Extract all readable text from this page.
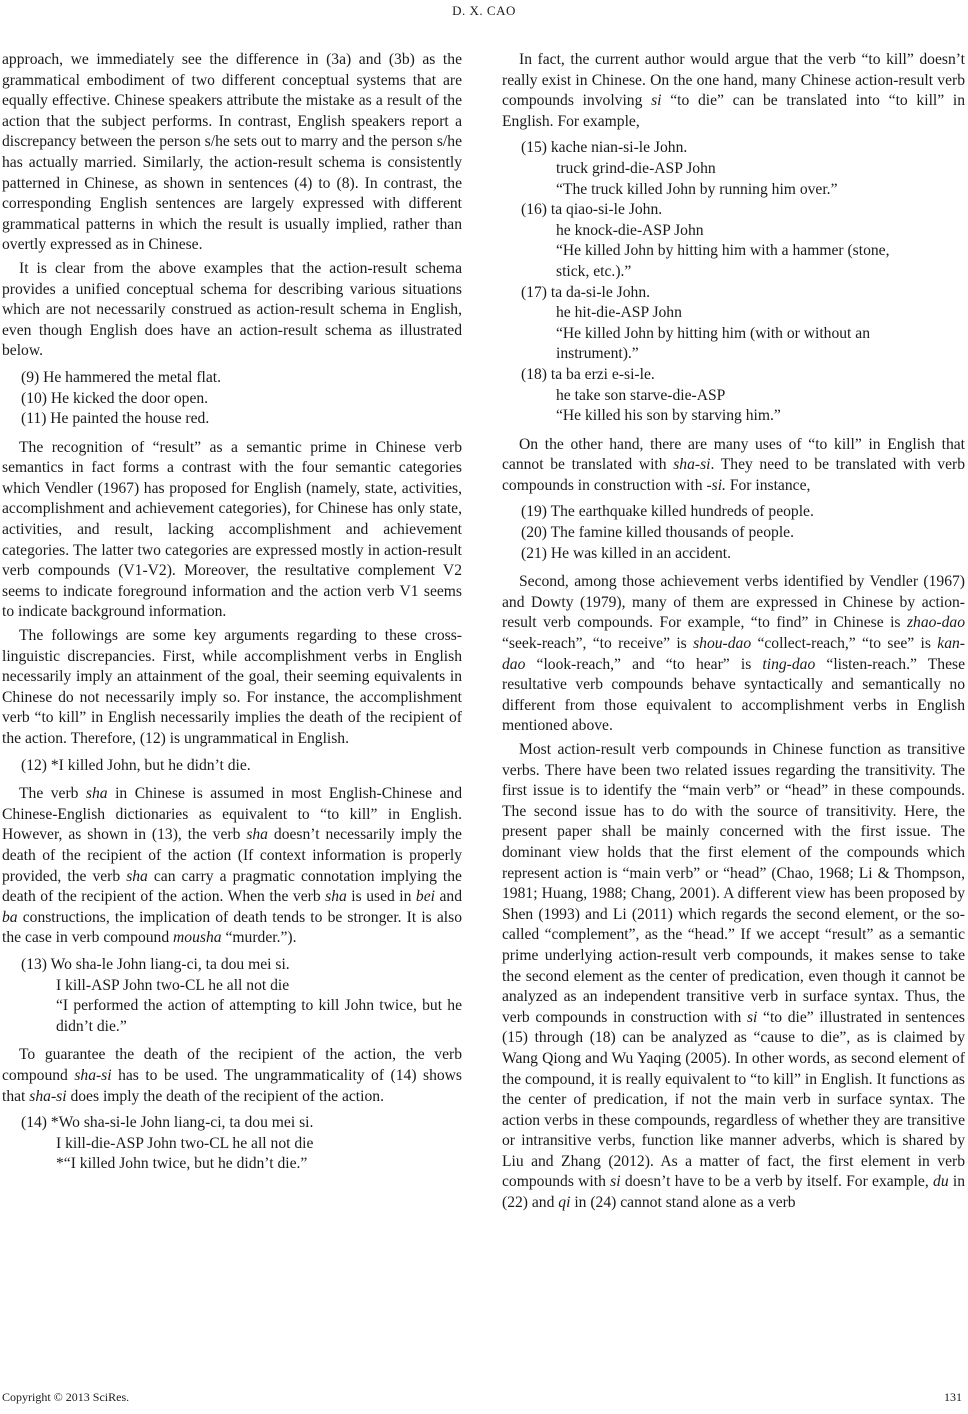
D. X. CAO

approach, we immediately see the difference in (3a) and (3b) as the grammatical embodiment of two different conceptual systems that are equally effective. Chinese speakers attribute the mistake as a result of the action that the subject performs. In contrast, English speakers report a discrepancy between the person s/he sets out to marry and the person s/he has actually married. Similarly, the action-result schema is consistently patterned in Chinese, as shown in sentences (4) to (8). In contrast, the corresponding English sentences are largely expressed with different grammatical patterns in which the result is usually implied, rather than overtly expressed as in Chinese.

It is clear from the above examples that the action-result schema provides a unified conceptual schema for describing various situations which are not necessarily construed as action-result schema in English, even though English does have an action-result schema as illustrated below.

(9) He hammered the metal flat.

(10) He kicked the door open.

(11) He painted the house red.

The recognition of “result” as a semantic prime in Chinese verb semantics in fact forms a contrast with the four semantic categories which Vendler (1967) has proposed for English (namely, state, activities, accomplishment and achievement categories), for Chinese has only state, activities, and result, lacking accomplishment and achievement categories. The latter two categories are expressed mostly in action-result verb compounds (V1-V2). Moreover, the resultative complement V2 seems to indicate foreground information and the action verb V1 seems to indicate background information.

The followings are some key arguments regarding to these cross-linguistic discrepancies. First, while accomplishment verbs in English necessarily imply an attainment of the goal, their seeming equivalents in Chinese do not necessarily imply so. For instance, the accomplishment verb “to kill” in English necessarily implies the death of the recipient of the action. Therefore, (12) is ungrammatical in English.

(12) *I killed John, but he didn’t die.

The verb sha in Chinese is assumed in most English-Chinese and Chinese-English dictionaries as equivalent to “to kill” in English. However, as shown in (13), the verb sha doesn’t necessarily imply the death of the recipient of the action (If context information is properly provided, the verb sha can carry a pragmatic connotation implying the death of the recipient of the action. When the verb sha is used in bei and ba constructions, the implication of death tends to be stronger. It is also the case in verb compound mousha “murder.”).

(13) Wo sha-le John liang-ci, ta dou mei si.

I kill-ASP John two-CL he all not die

“I performed the action of attempting to kill John twice, but he didn’t die.”

To guarantee the death of the recipient of the action, the verb compound sha-si has to be used. The ungrammaticality of (14) shows that sha-si does imply the death of the recipient of the action.

(14) *Wo sha-si-le John liang-ci, ta dou mei si.

I kill-die-ASP John two-CL he all not die

*“I killed John twice, but he didn’t die.”

In fact, the current author would argue that the verb “to kill” doesn’t really exist in Chinese. On the one hand, many Chinese action-result verb compounds involving si “to die” can be translated into “to kill” in English. For example,

(15) kache nian-si-le John.

truck grind-die-ASP John

“The truck killed John by running him over.”

(16) ta qiao-si-le John.

he knock-die-ASP John

“He killed John by hitting him with a hammer (stone,

stick, etc.).”

(17) ta da-si-le John.

he hit-die-ASP John

“He killed John by hitting him (with or without an

instrument).”

(18) ta ba erzi e-si-le.

he take son starve-die-ASP

“He killed his son by starving him.”

On the other hand, there are many uses of “to kill” in English that cannot be translated with sha-si. They need to be translated with verb compounds in construction with -si. For instance,

(19) The earthquake killed hundreds of people.

(20) The famine killed thousands of people.

(21) He was killed in an accident.

Second, among those achievement verbs identified by Vendler (1967) and Dowty (1979), many of them are expressed in Chinese by action-result verb compounds. For example, “to find” in Chinese is zhao-dao “seek-reach”, “to receive” is shou-dao “collect-reach,” “to see” is kan-dao “look-reach,” and “to hear” is ting-dao “listen-reach.” These resultative verb compounds behave syntactically and semantically no different from those equivalent to accomplishment verbs in English mentioned above.

Most action-result verb compounds in Chinese function as transitive verbs. There have been two related issues regarding the transitivity. The first issue is to identify the “main verb” or “head” in these compounds. The second issue has to do with the source of transitivity. Here, the present paper shall be mainly concerned with the first issue. The dominant view holds that the first element of the compounds which represent action is “main verb” or “head” (Chao, 1968; Li & Thompson, 1981; Huang, 1988; Chang, 2001). A different view has been proposed by Shen (1993) and Li (2011) which regards the second element, or the so-called “complement”, as the “head.” If we accept “result” as a semantic prime underlying action-result verb compounds, it makes sense to take the second element as the center of predication, even though it cannot be analyzed as an independent transitive verb in surface syntax. Thus, the verb compounds in construction with si “to die” illustrated in sentences (15) through (18) can be analyzed as “cause to die”, as is claimed by Wang Qiong and Wu Yaqing (2005). In other words, as second element of the compound, it is really equivalent to “to kill” in English. It functions as the center of predication, if not the main verb in surface syntax. The action verbs in these compounds, regardless of whether they are transitive or intransitive verbs, function like manner adverbs, which is shared by Liu and Zhang (2012). As a matter of fact, the first element in verb compounds with si doesn’t have to be a verb by itself. For example, du in (22) and qi in (24) cannot stand alone as a verb

Copyright © 2013 SciRes.	131
